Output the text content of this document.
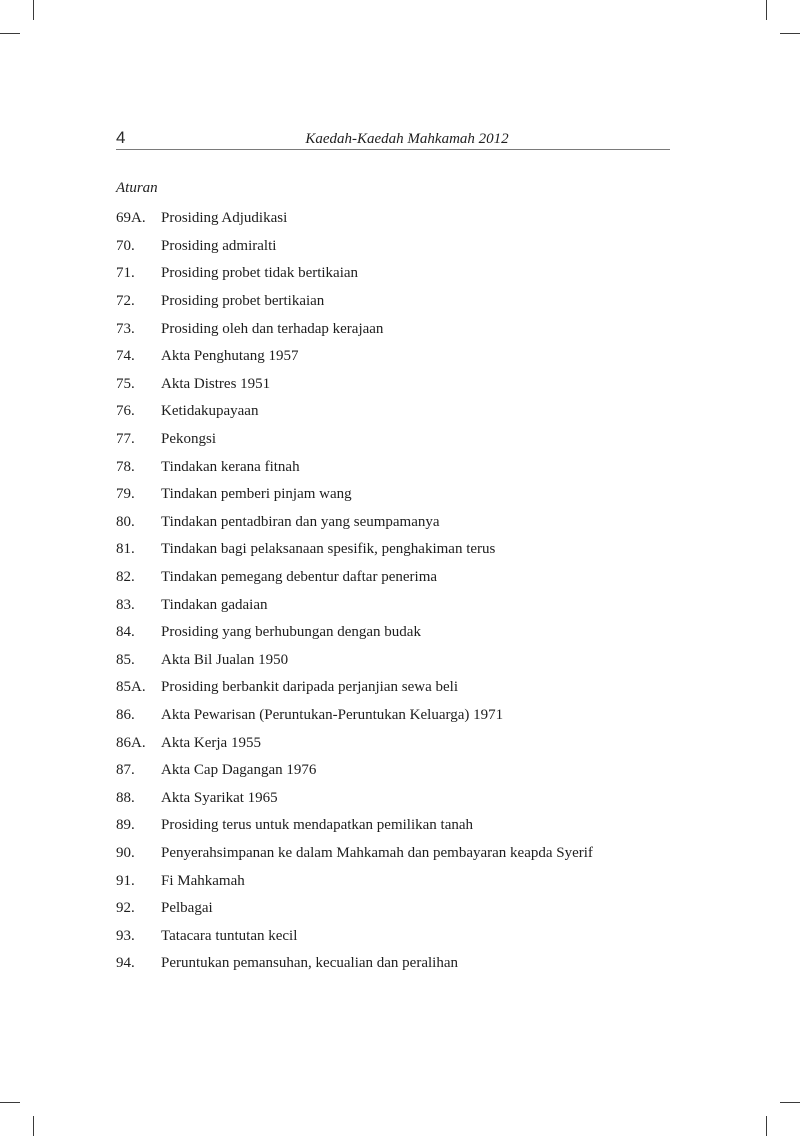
4	Kaedah-Kaedah Mahkamah 2012
Aturan
69A.	Prosiding Adjudikasi
70.	Prosiding admiralti
71.	Prosiding probet tidak bertikaian
72.	Prosiding probet bertikaian
73.	Prosiding oleh dan terhadap kerajaan
74.	Akta Penghutang 1957
75.	Akta Distres 1951
76.	Ketidakupayaan
77.	Pekongsi
78.	Tindakan kerana fitnah
79.	Tindakan pemberi pinjam wang
80.	Tindakan pentadbiran dan yang seumpamanya
81.	Tindakan bagi pelaksanaan spesifik, penghakiman terus
82.	Tindakan pemegang debentur daftar penerima
83.	Tindakan gadaian
84.	Prosiding yang berhubungan dengan budak
85.	Akta Bil Jualan 1950
85A.	Prosiding berbankit daripada perjanjian sewa beli
86.	Akta Pewarisan (Peruntukan-Peruntukan Keluarga) 1971
86A.	Akta Kerja 1955
87.	Akta Cap Dagangan 1976
88.	Akta Syarikat 1965
89.	Prosiding terus untuk mendapatkan pemilikan tanah
90.	Penyerahsimpanan ke dalam Mahkamah dan pembayaran keapda Syerif
91.	Fi Mahkamah
92.	Pelbagai
93.	Tatacara tuntutan kecil
94.	Peruntukan pemansuhan, kecualian dan peralihan
